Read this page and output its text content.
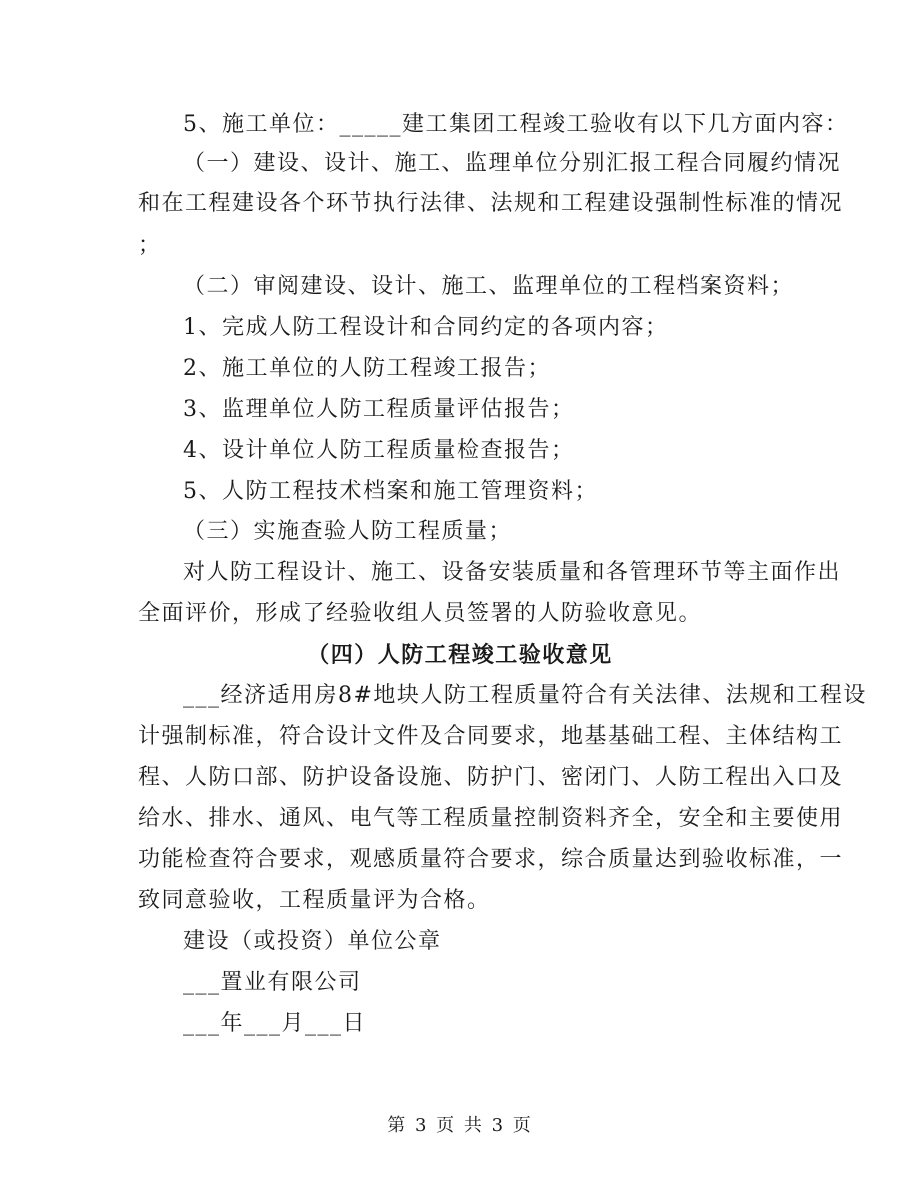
5、施工单位：_____建工集团工程竣工验收有以下几方面内容：
（一）建设、设计、施工、监理单位分别汇报工程合同履约情况
和在工程建设各个环节执行法律、法规和工程建设强制性标准的情况
；
（二）审阅建设、设计、施工、监理单位的工程档案资料；
1、完成人防工程设计和合同约定的各项内容；
2、施工单位的人防工程竣工报告；
3、监理单位人防工程质量评估报告；
4、设计单位人防工程质量检查报告；
5、人防工程技术档案和施工管理资料；
（三）实施查验人防工程质量；
对人防工程设计、施工、设备安装质量和各管理环节等主面作出
全面评价，形成了经验收组人员签署的人防验收意见。
（四）人防工程竣工验收意见
___经济适用房8#地块人防工程质量符合有关法律、法规和工程设
计强制标准，符合设计文件及合同要求，地基基础工程、主体结构工
程、人防口部、防护设备设施、防护门、密闭门、人防工程出入口及
给水、排水、通风、电气等工程质量控制资料齐全，安全和主要使用
功能检查符合要求，观感质量符合要求，综合质量达到验收标准，一
致同意验收，工程质量评为合格。
建设（或投资）单位公章
___置业有限公司
___年___月___日
第 3 页 共 3 页
